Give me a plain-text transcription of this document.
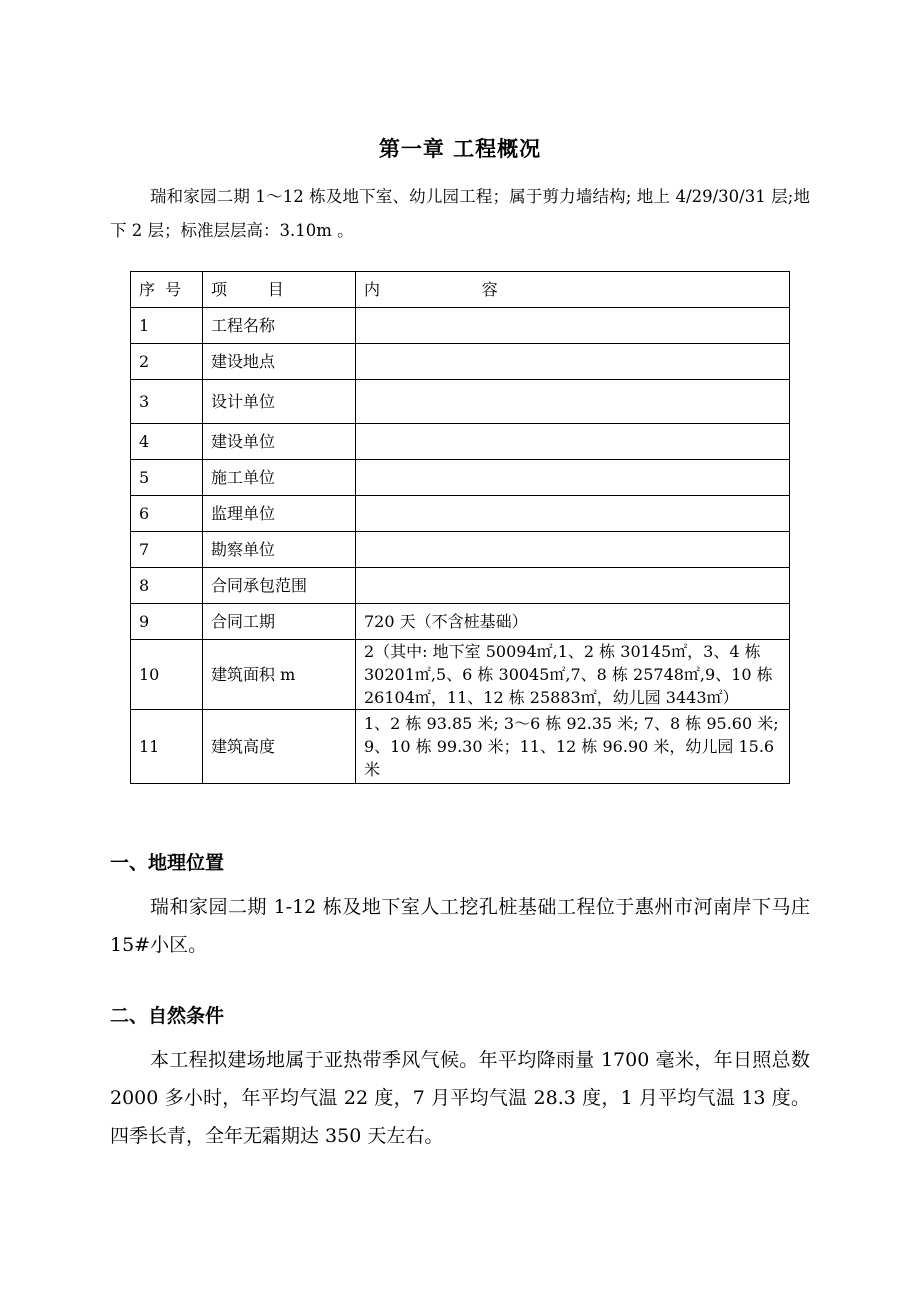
第一章 工程概况

瑞和家园二期 1～12 栋及地下室、幼儿园工程；属于剪力墙结构; 地上 4/29/30/31 层;地下 2 层；标准层层高：3.10m 。

序  号	项        目	内                    容
1	工程名称	
2	建设地点	
3	设计单位	
4	建设单位	
5	施工单位	
6	监理单位	
7	勘察单位	
8	合同承包范围	
9	合同工期	720 天（不含桩基础）
10	建筑面积 m	2（其中: 地下室 50094㎡,1、2 栋 30145㎡，3、4 栋 30201㎡,5、6 栋 30045㎡,7、8 栋 25748㎡,9、10 栋 26104㎡，11、12 栋 25883㎡，幼儿园 3443㎡）
11	建筑高度	1、2 栋 93.85 米; 3～6 栋 92.35 米; 7、8 栋 95.60 米; 9、10 栋 99.30 米；11、12 栋 96.90 米，幼儿园 15.6 米
一、地理位置

瑞和家园二期 1-12 栋及地下室人工挖孔桩基础工程位于惠州市河南岸下马庄 15#小区。

二、自然条件

本工程拟建场地属于亚热带季风气候。年平均降雨量 1700 毫米，年日照总数 2000 多小时，年平均气温 22 度，7 月平均气温 28.3 度，1 月平均气温 13 度。四季长青，全年无霜期达 350 天左右。
